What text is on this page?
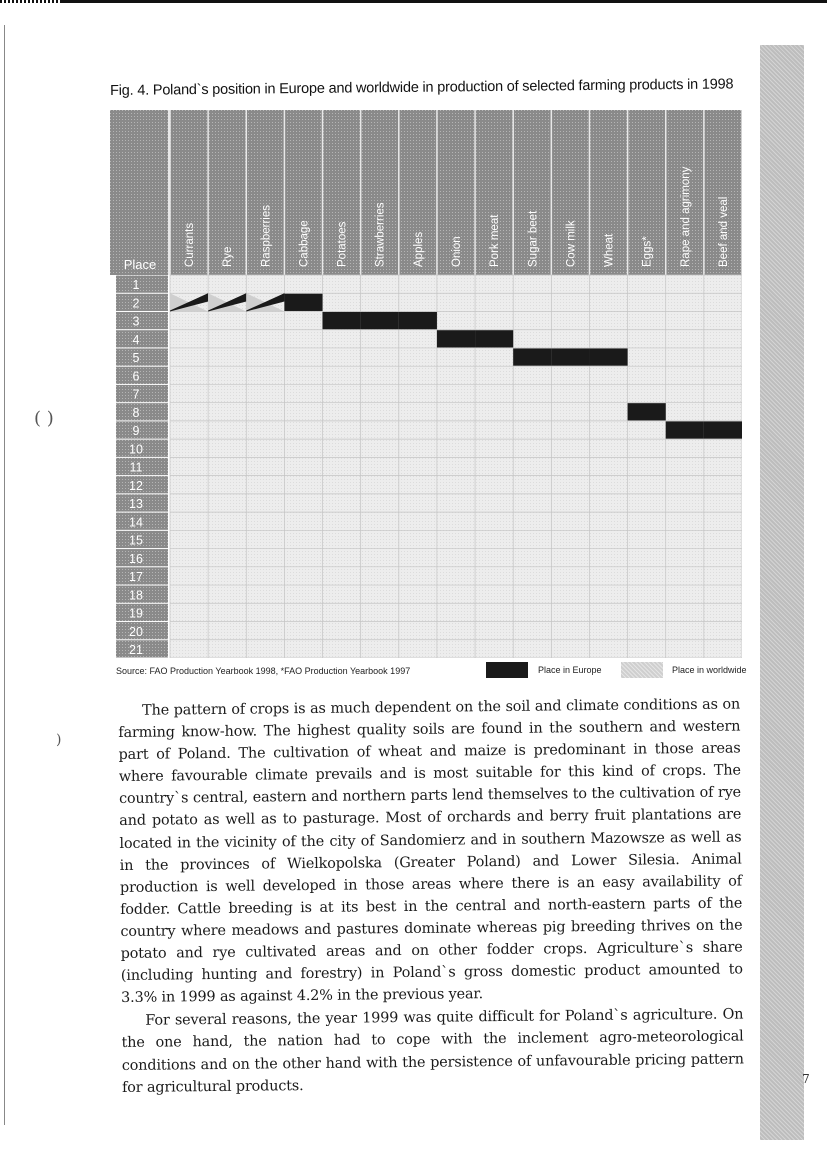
7
( )
)
Fig. 4. Poland`s position in Europe and worldwide in production of selected farming products in 1998
Place Currants Rye Raspberries Cabbage Potatoes Strawberries Apples Onion Pork meat Sugar beet Cow milk Wheat Eggs* Rape and agrimony Beef and veal
1
2
3
4
5
6
7
8
9
10
11
12
13
14
15
16
17
18
19
20
21
Source: FAO Production Yearbook 1998, *FAO Production Yearbook 1997	Place in Europe	Place in worldwide

The pattern of crops is as much dependent on the soil and climate conditions as on farming know-how. The highest quality soils are found in the southern and western part of Poland. The cultivation of wheat and maize is predominant in those areas where favourable climate prevails and is most suitable for this kind of crops. The country`s central, eastern and northern parts lend themselves to the cultivation of rye and potato as well as to pasturage. Most of orchards and berry fruit plantations are located in the vicinity of the city of Sandomierz and in southern Mazowsze as well as in the provinces of Wielkopolska (Greater Poland) and Lower Silesia. Animal production is well developed in those areas where there is an easy availability of fodder. Cattle breeding is at its best in the central and north-eastern parts of the country where meadows and pastures dominate whereas pig breeding thrives on the potato and rye cultivated areas and on other fodder crops. Agriculture`s share (including hunting and forestry) in Poland`s gross domestic product amounted to 3.3% in 1999 as against 4.2% in the previous year.

For several reasons, the year 1999 was quite difficult for Poland`s agriculture. On the one hand, the nation had to cope with the inclement agro-meteorological conditions and on the other hand with the persistence of unfavourable pricing pattern for agricultural products.
